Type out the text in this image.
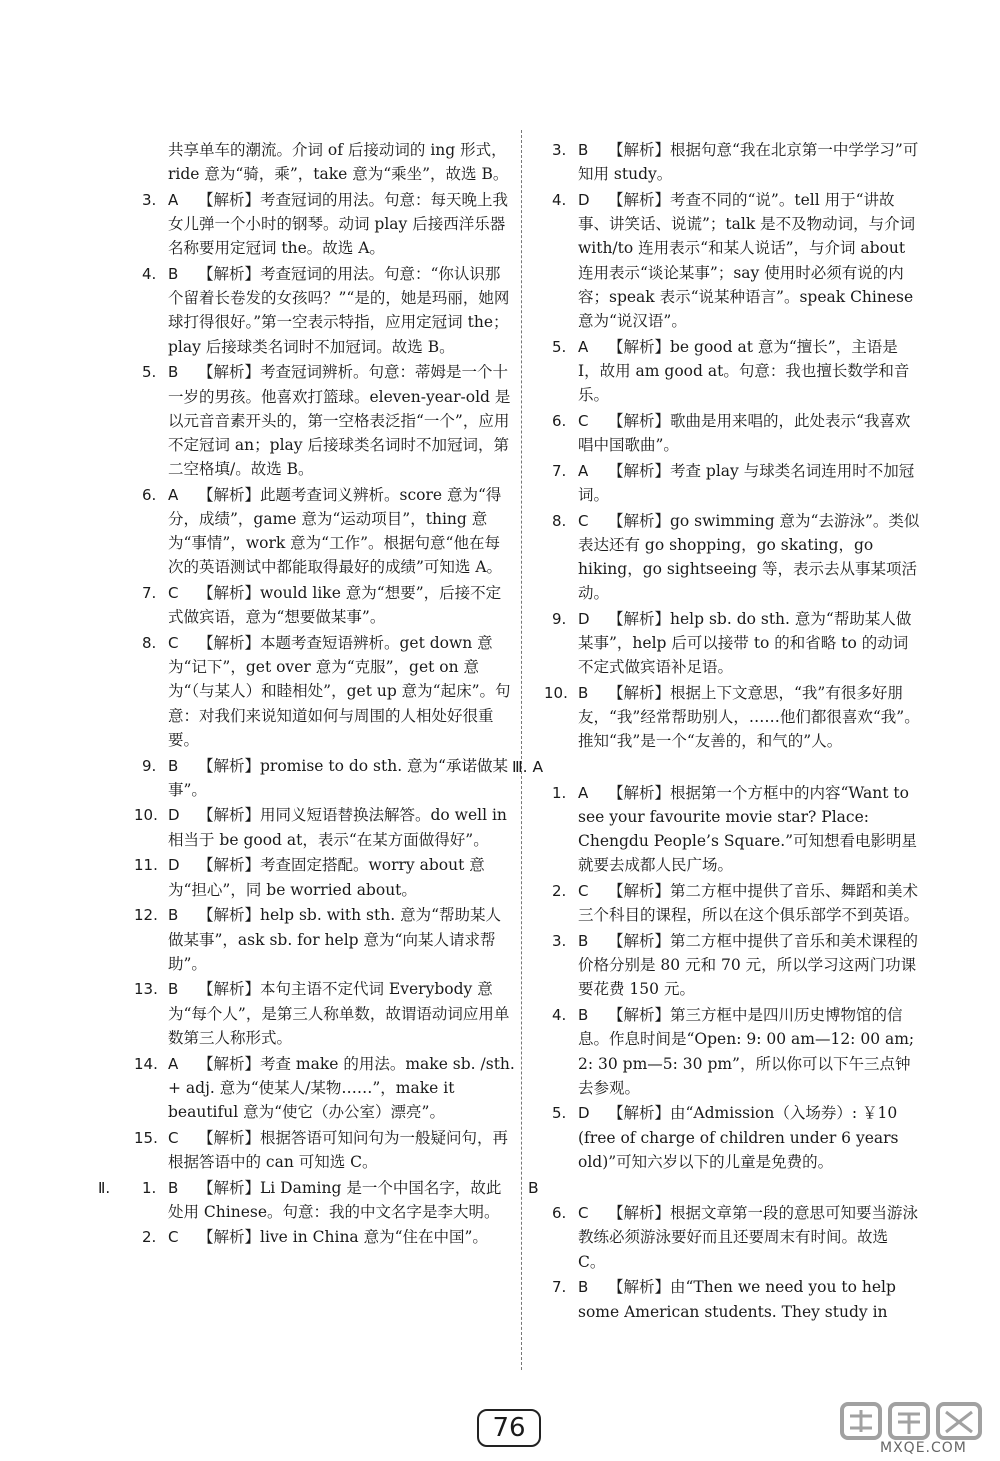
共享单车的潮流。介词 of 后接动词的 ing 形式，ride 意为“骑，乘”，take 意为“乘坐”，故选 B。
3. A	【解析】考查冠词的用法。句意：每天晚上我女儿弹一个小时的钢琴。动词 play 后接西洋乐器名称要用定冠词 the。故选 A。
4. B	【解析】考查冠词的用法。句意：“你认识那个留着长卷发的女孩吗？”“是的，她是玛丽，她网球打得很好。”第一空表示特指，应用定冠词 the；play 后接球类名词时不加冠词。故选 B。
5. B	【解析】考查冠词辨析。句意：蒂姆是一个十一岁的男孩。他喜欢打篮球。eleven-year-old 是以元音音素开头的，第一空格表泛指“一个”，应用不定冠词 an；play 后接球类名词时不加冠词，第二空格填/。故选 B。
6. A	【解析】此题考查词义辨析。score 意为“得分，成绩”，game 意为“运动项目”，thing 意为“事情”，work 意为“工作”。根据句意“他在每次的英语测试中都能取得最好的成绩”可知选 A。
7. C	【解析】would like 意为“想要”，后接不定式做宾语，意为“想要做某事”。
8. C	【解析】本题考查短语辨析。get down 意为“记下”，get over 意为“克服”，get on 意为“（与某人）和睦相处”，get up 意为“起床”。句意：对我们来说知道如何与周围的人相处好很重要。
9. B	【解析】promise to do sth. 意为“承诺做某事”。
10. D	【解析】用同义短语替换法解答。do well in 相当于 be good at，表示“在某方面做得好”。
11. D	【解析】考查固定搭配。worry about 意为“担心”，同 be worried about。
12. B	【解析】help sb. with sth. 意为“帮助某人做某事”，ask sb. for help 意为“向某人请求帮助”。
13. B	【解析】本句主语不定代词 Everybody 意为“每个人”，是第三人称单数，故谓语动词应用单数第三人称形式。
14. A	【解析】考查 make 的用法。make sb. /sth. + adj. 意为“使某人/某物……”，make it beautiful 意为“使它（办公室）漂亮”。
15. C	【解析】根据答语可知问句为一般疑问句，再根据答语中的 can 可知选 C。
Ⅱ. 1. B	【解析】Li Daming 是一个中国名字，故此处用 Chinese。句意：我的中文名字是李大明。
2. C	【解析】live in China 意为“住在中国”。
3. B	【解析】根据句意“我在北京第一中学学习”可知用 study。
4. D	【解析】考查不同的“说”。tell 用于“讲故事、讲笑话、说谎”；talk 是不及物动词，与介词 with/to 连用表示“和某人说话”，与介词 about 连用表示“谈论某事”；say 使用时必须有说的内容；speak 表示“说某种语言”。speak Chinese 意为“说汉语”。
5. A	【解析】be good at 意为“擅长”，主语是 I，故用 am good at。句意：我也擅长数学和音乐。
6. C	【解析】歌曲是用来唱的，此处表示“我喜欢唱中国歌曲”。
7. A	【解析】考查 play 与球类名词连用时不加冠词。
8. C	【解析】go swimming 意为“去游泳”。类似表达还有 go shopping，go skating，go hiking，go sightseeing 等，表示去从事某项活动。
9. D	【解析】help sb. do sth. 意为“帮助某人做某事”，help 后可以接带 to 的和省略 to 的动词不定式做宾语补足语。
10. B	【解析】根据上下文意思，“我”有很多好朋友，“我”经常帮助别人，……他们都很喜欢“我”。推知“我”是一个“友善的，和气的”人。
Ⅲ. A
1. A	【解析】根据第一个方框中的内容“Want to see your favourite movie star? Place: Chengdu People’s Square.”可知想看电影明星就要去成都人民广场。
2. C	【解析】第二方框中提供了音乐、舞蹈和美术三个科目的课程，所以在这个俱乐部学不到英语。
3. B	【解析】第二方框中提供了音乐和美术课程的价格分别是 80 元和 70 元，所以学习这两门功课要花费 150 元。
4. B	【解析】第三方框中是四川历史博物馆的信息。作息时间是“Open: 9: 00 am—12: 00 am; 2: 30 pm—5: 30 pm”，所以你可以下午三点钟去参观。
5. D	【解析】由“Admission（入场券）: ￥10 (free of charge of children under 6 years old)”可知六岁以下的儿童是免费的。
B
6. C	【解析】根据文章第一段的意思可知要当游泳教练必须游泳要好而且还要周末有时间。故选 C。
7. B	【解析】由“Then we need you to help some American students. They study in
76
MXQE.COM
